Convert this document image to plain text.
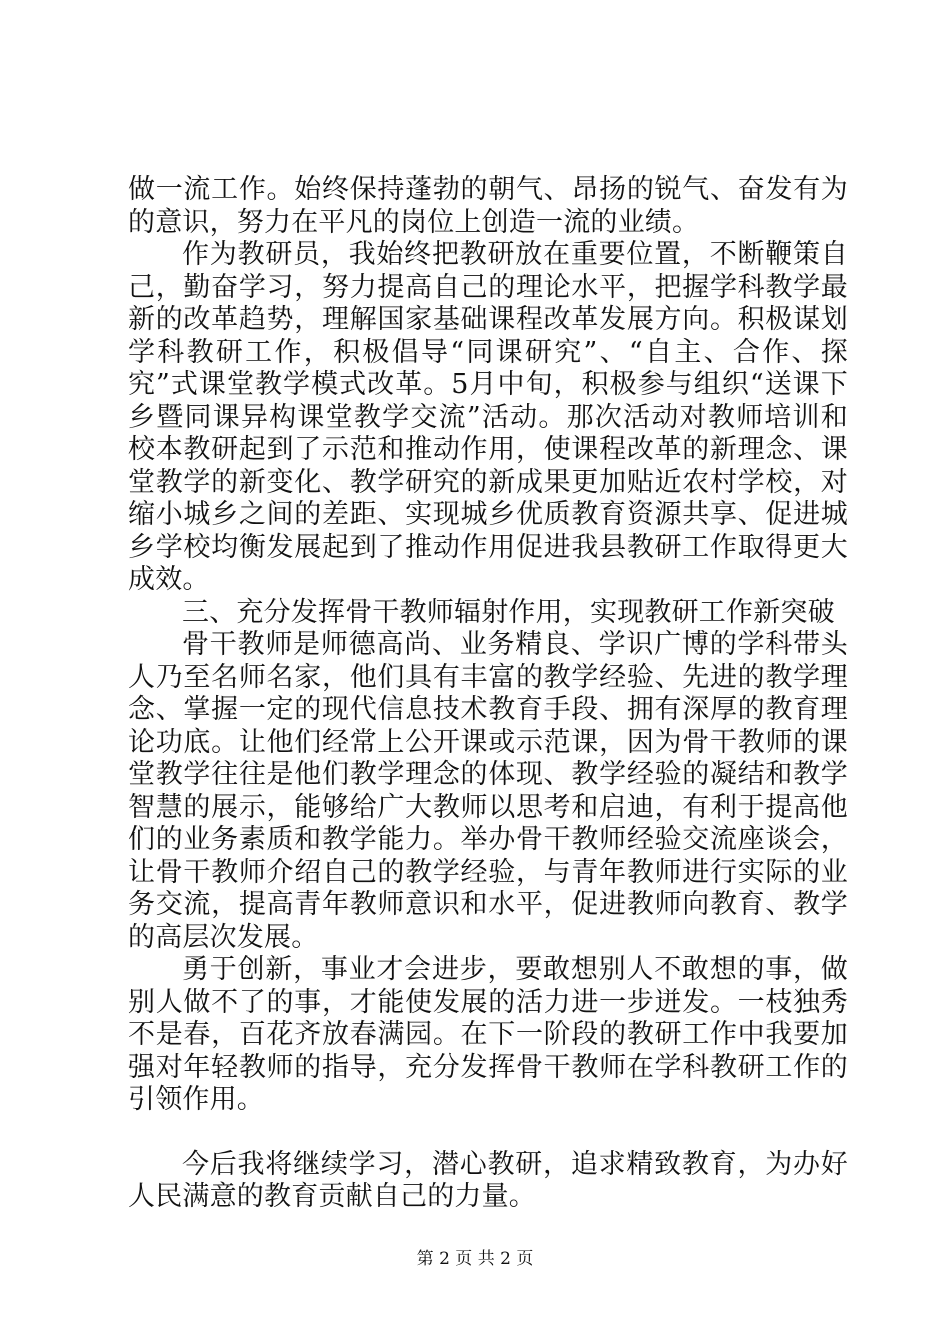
做一流工作。始终保持蓬勃的朝气、昂扬的锐气、奋发有为的意识，努力在平凡的岗位上创造一流的业绩。

作为教研员，我始终把教研放在重要位置，不断鞭策自己，勤奋学习，努力提高自己的理论水平，把握学科教学最新的改革趋势，理解国家基础课程改革发展方向。积极谋划学科教研工作，积极倡导“同课研究”、“自主、合作、探究”式课堂教学模式改革。5月中旬，积极参与组织“送课下乡暨同课异构课堂教学交流”活动。那次活动对教师培训和校本教研起到了示范和推动作用，使课程改革的新理念、课堂教学的新变化、教学研究的新成果更加贴近农村学校，对缩小城乡之间的差距、实现城乡优质教育资源共享、促进城乡学校均衡发展起到了推动作用促进我县教研工作取得更大成效。

三、充分发挥骨干教师辐射作用，实现教研工作新突破

骨干教师是师德高尚、业务精良、学识广博的学科带头人乃至名师名家，他们具有丰富的教学经验、先进的教学理念、掌握一定的现代信息技术教育手段、拥有深厚的教育理论功底。让他们经常上公开课或示范课，因为骨干教师的课堂教学往往是他们教学理念的体现、教学经验的凝结和教学智慧的展示，能够给广大教师以思考和启迪，有利于提高他们的业务素质和教学能力。举办骨干教师经验交流座谈会，让骨干教师介绍自己的教学经验，与青年教师进行实际的业务交流，提高青年教师意识和水平，促进教师向教育、教学的高层次发展。

勇于创新，事业才会进步，要敢想别人不敢想的事，做别人做不了的事，才能使发展的活力进一步迸发。一枝独秀不是春，百花齐放春满园。在下一阶段的教研工作中我要加强对年轻教师的指导，充分发挥骨干教师在学科教研工作的引领作用。

今后我将继续学习，潜心教研，追求精致教育，为办好人民满意的教育贡献自己的力量。

第 2 页 共 2 页
